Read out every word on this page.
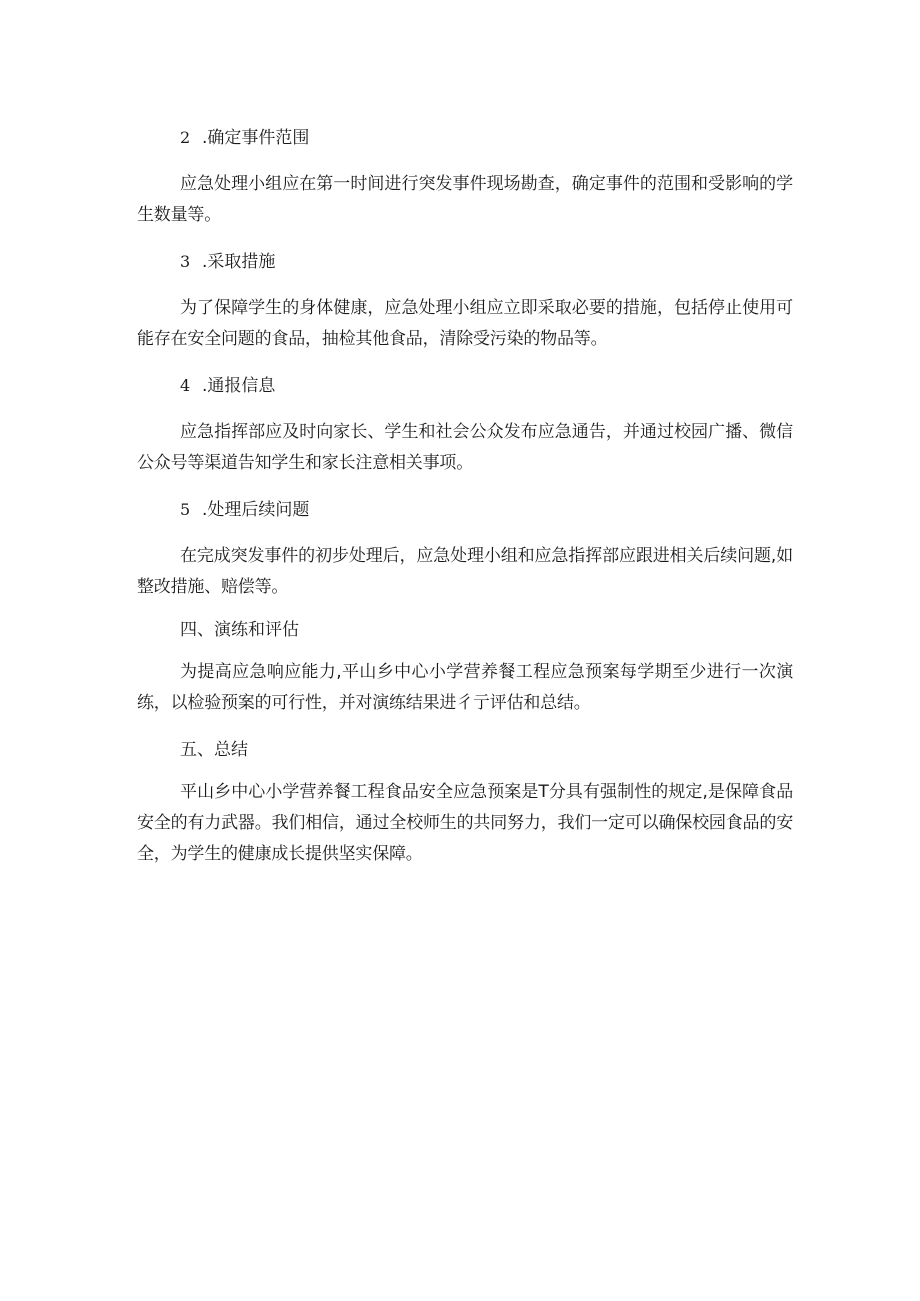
2 .确定事件范围

应急处理小组应在第一时间进行突发事件现场勘查，确定事件的范围和受影响的学生数量等。

3 .采取措施

为了保障学生的身体健康，应急处理小组应立即采取必要的措施，包括停止使用可能存在安全问题的食品，抽检其他食品，清除受污染的物品等。

4 .通报信息

应急指挥部应及时向家长、学生和社会公众发布应急通告，并通过校园广播、微信公众号等渠道告知学生和家长注意相关事项。

5 .处理后续问题

在完成突发事件的初步处理后，应急处理小组和应急指挥部应跟进相关后续问题,如整改措施、赔偿等。

四、演练和评估

为提高应急响应能力,平山乡中心小学营养餐工程应急预案每学期至少进行一次演练，以检验预案的可行性，并对演练结果进彳亍评估和总结。

五、总结

平山乡中心小学营养餐工程食品安全应急预案是T分具有强制性的规定,是保障食品安全的有力武器。我们相信，通过全校师生的共同努力，我们一定可以确保校园食品的安全，为学生的健康成长提供坚实保障。
